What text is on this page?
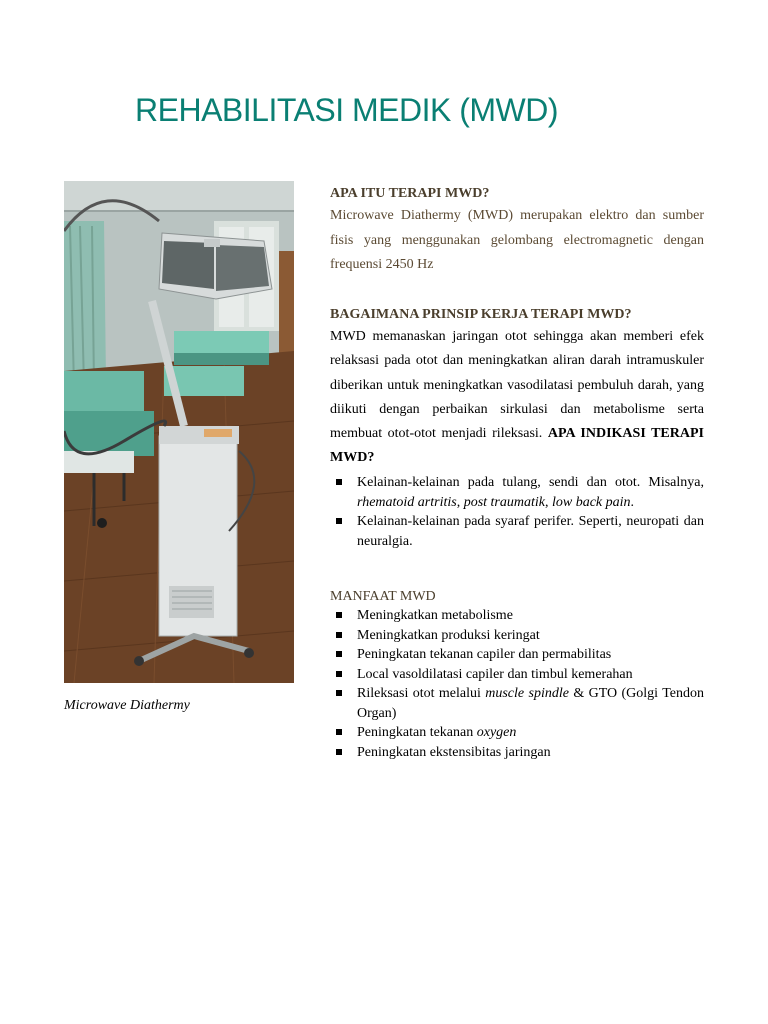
REHABILITASI MEDIK (MWD)
Microwave Diathermy

APA ITU TERAPI MWD?

Microwave Diathermy (MWD) merupakan elektro dan sumber fisis yang menggunakan gelombang electromagnetic dengan frequensi 2450 Hz

BAGAIMANA PRINSIP KERJA TERAPI MWD?

MWD memanaskan jaringan otot sehingga akan memberi efek relaksasi pada otot dan meningkatkan aliran darah intramuskuler diberikan untuk meningkatkan vasodilatasi pembuluh darah, yang diikuti dengan perbaikan sirkulasi dan metabolisme serta membuat otot-otot menjadi rileksasi. APA INDIKASI TERAPI MWD?

Kelainan-kelainan pada tulang, sendi dan otot. Misalnya, rhematoid artritis, post traumatik, low back pain.
Kelainan-kelainan pada syaraf perifer. Seperti, neuropati dan neuralgia.

MANFAAT MWD

Meningkatkan metabolisme
Meningkatkan produksi keringat
Peningkatan tekanan capiler dan permabilitas
Local vasoldilatasi capiler dan timbul kemerahan
Rileksasi otot melalui muscle spindle & GTO (Golgi Tendon Organ)
Peningkatan tekanan oxygen
Peningkatan ekstensibitas jaringan
